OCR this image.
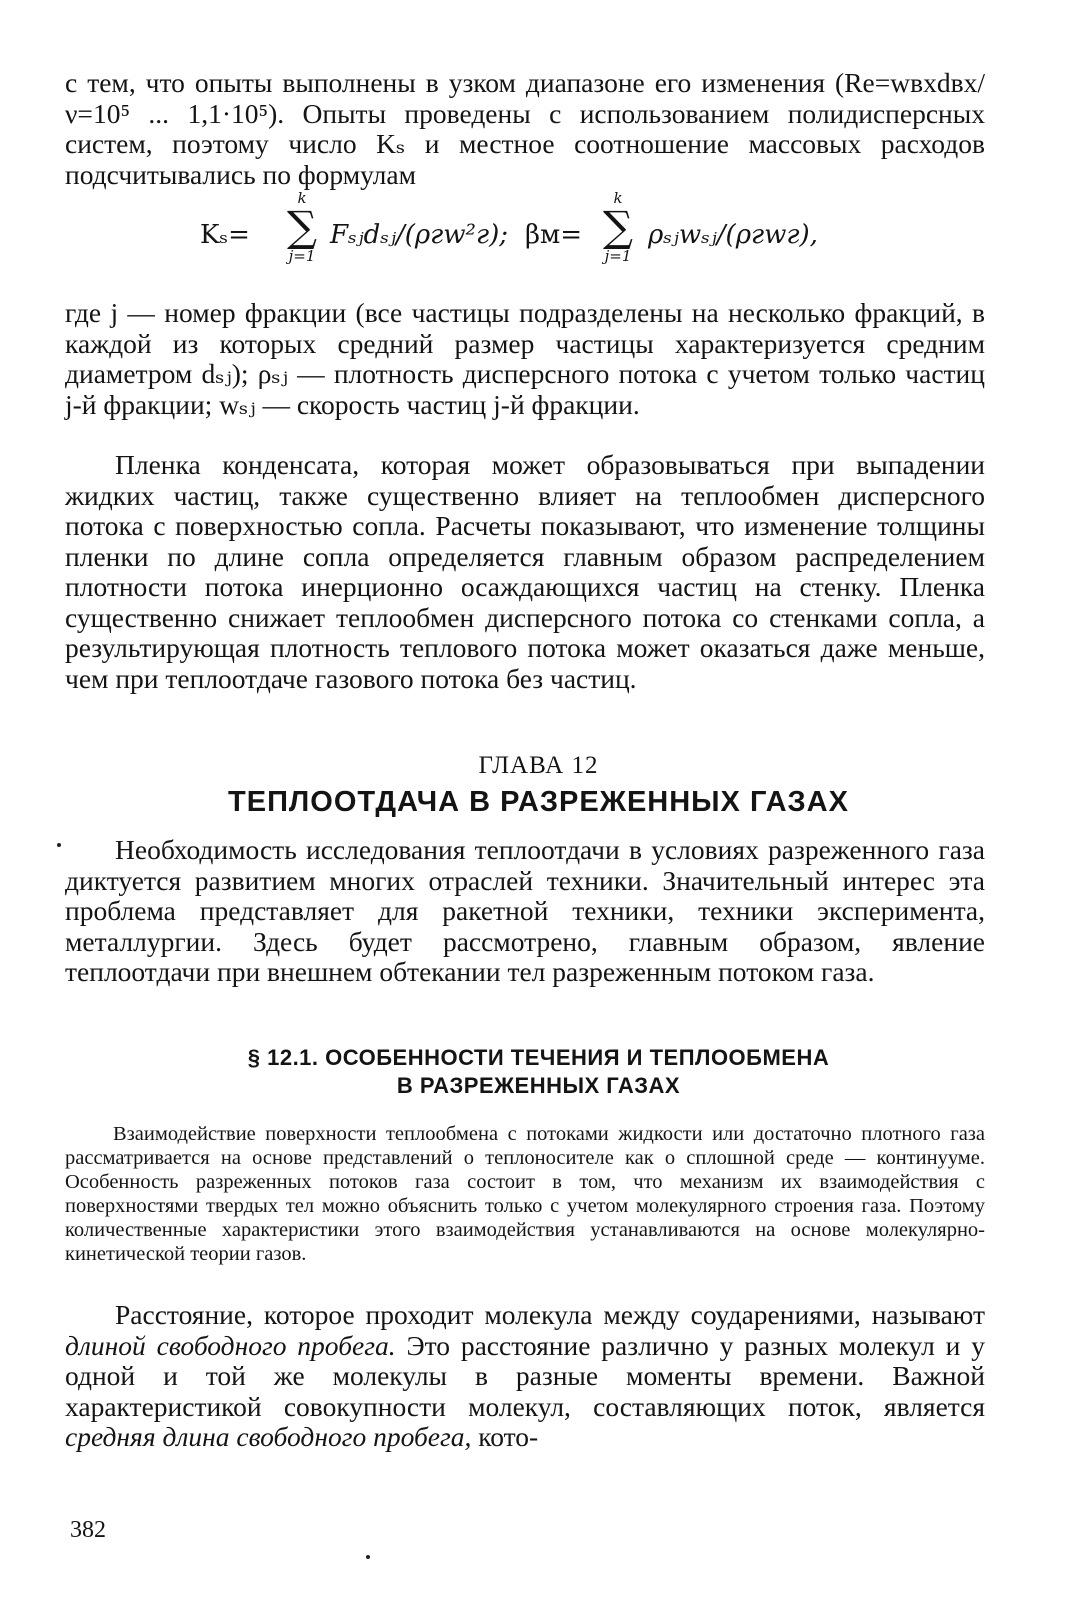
с тем, что опыты выполнены в узком диапазоне его изменения (Re=wвхdвх/ν=10⁵ ... 1,1·10⁵). Опыты проведены с использованием полидисперсных систем, поэтому число Kₛ и местное соотношение массовых расходов подсчитывались по формулам

k
∑
j=1
Kₛ=	Fₛⱼdₛⱼ/(ρгw²г);
k
∑
j=1
βм=	ρₛⱼwₛⱼ/(ρгwг),

где j — номер фракции (все частицы подразделены на несколько фракций, в каждой из которых средний размер частицы характеризуется средним диаметром dₛⱼ); ρₛⱼ — плотность дисперсного потока с учетом только частиц j-й фракции; wₛⱼ — скорость частиц j-й фракции.

Пленка конденсата, которая может образовываться при выпадении жидких частиц, также существенно влияет на теплообмен дисперсного потока с поверхностью сопла. Расчеты показывают, что изменение толщины пленки по длине сопла определяется главным образом распределением плотности потока инерционно осаждающихся частиц на стенку. Пленка существенно снижает теплообмен дисперсного потока со стенками сопла, а результирующая плотность теплового потока может оказаться даже меньше, чем при теплоотдаче газового потока без частиц.

ГЛАВА 12
ТЕПЛООТДАЧА В РАЗРЕЖЕННЫХ ГАЗАХ

Необходимость исследования теплоотдачи в условиях разреженного газа диктуется развитием многих отраслей техники. Значительный интерес эта проблема представляет для ракетной техники, техники эксперимента, металлургии. Здесь будет рассмотрено, главным образом, явление теплоотдачи при внешнем обтекании тел разреженным потоком газа.

§ 12.1. ОСОБЕННОСТИ ТЕЧЕНИЯ И ТЕПЛООБМЕНА
В РАЗРЕЖЕННЫХ ГАЗАХ

Взаимодействие поверхности теплообмена с потоками жидкости или достаточно плотного газа рассматривается на основе представлений о теплоносителе как о сплошной среде — континууме. Особенность разреженных потоков газа состоит в том, что механизм их взаимодействия с поверхностями твердых тел можно объяснить только с учетом молекулярного строения газа. Поэтому количественные характеристики этого взаимодействия устанавливаются на основе молекулярно-кинетической теории газов.

Расстояние, которое проходит молекула между соударениями, называют длиной свободного пробега. Это расстояние различно у разных молекул и у одной и той же молекулы в разные моменты времени. Важной характеристикой совокупности молекул, составляющих поток, является средняя длина свободного пробега, кото-

382
